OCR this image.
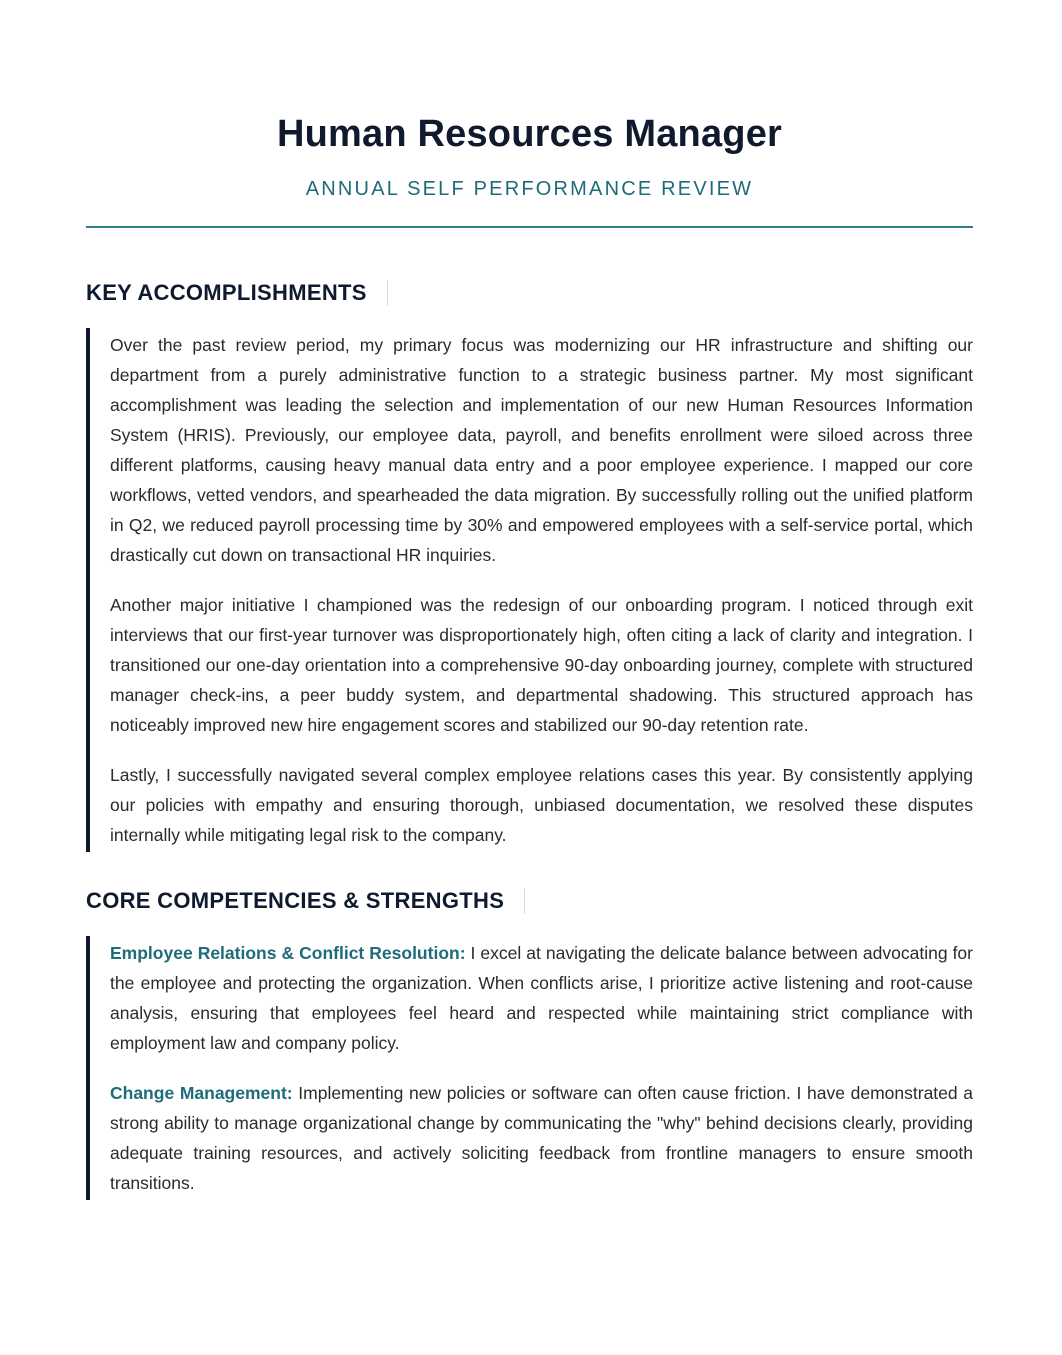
Human Resources Manager

ANNUAL SELF PERFORMANCE REVIEW

KEY ACCOMPLISHMENTS

Over the past review period, my primary focus was modernizing our HR infrastructure and shifting our department from a purely administrative function to a strategic business partner. My most significant accomplishment was leading the selection and implementation of our new Human Resources Information System (HRIS). Previously, our employee data, payroll, and benefits enrollment were siloed across three different platforms, causing heavy manual data entry and a poor employee experience. I mapped our core workflows, vetted vendors, and spearheaded the data migration. By successfully rolling out the unified platform in Q2, we reduced payroll processing time by 30% and empowered employees with a self-service portal, which drastically cut down on transactional HR inquiries.

Another major initiative I championed was the redesign of our onboarding program. I noticed through exit interviews that our first-year turnover was disproportionately high, often citing a lack of clarity and integration. I transitioned our one-day orientation into a comprehensive 90-day onboarding journey, complete with structured manager check-ins, a peer buddy system, and departmental shadowing. This structured approach has noticeably improved new hire engagement scores and stabilized our 90-day retention rate.

Lastly, I successfully navigated several complex employee relations cases this year. By consistently applying our policies with empathy and ensuring thorough, unbiased documentation, we resolved these disputes internally while mitigating legal risk to the company.

CORE COMPETENCIES & STRENGTHS

Employee Relations & Conflict Resolution: I excel at navigating the delicate balance between advocating for the employee and protecting the organization. When conflicts arise, I prioritize active listening and root-cause analysis, ensuring that employees feel heard and respected while maintaining strict compliance with employment law and company policy.

Change Management: Implementing new policies or software can often cause friction. I have demonstrated a strong ability to manage organizational change by communicating the "why" behind decisions clearly, providing adequate training resources, and actively soliciting feedback from frontline managers to ensure smooth transitions.
